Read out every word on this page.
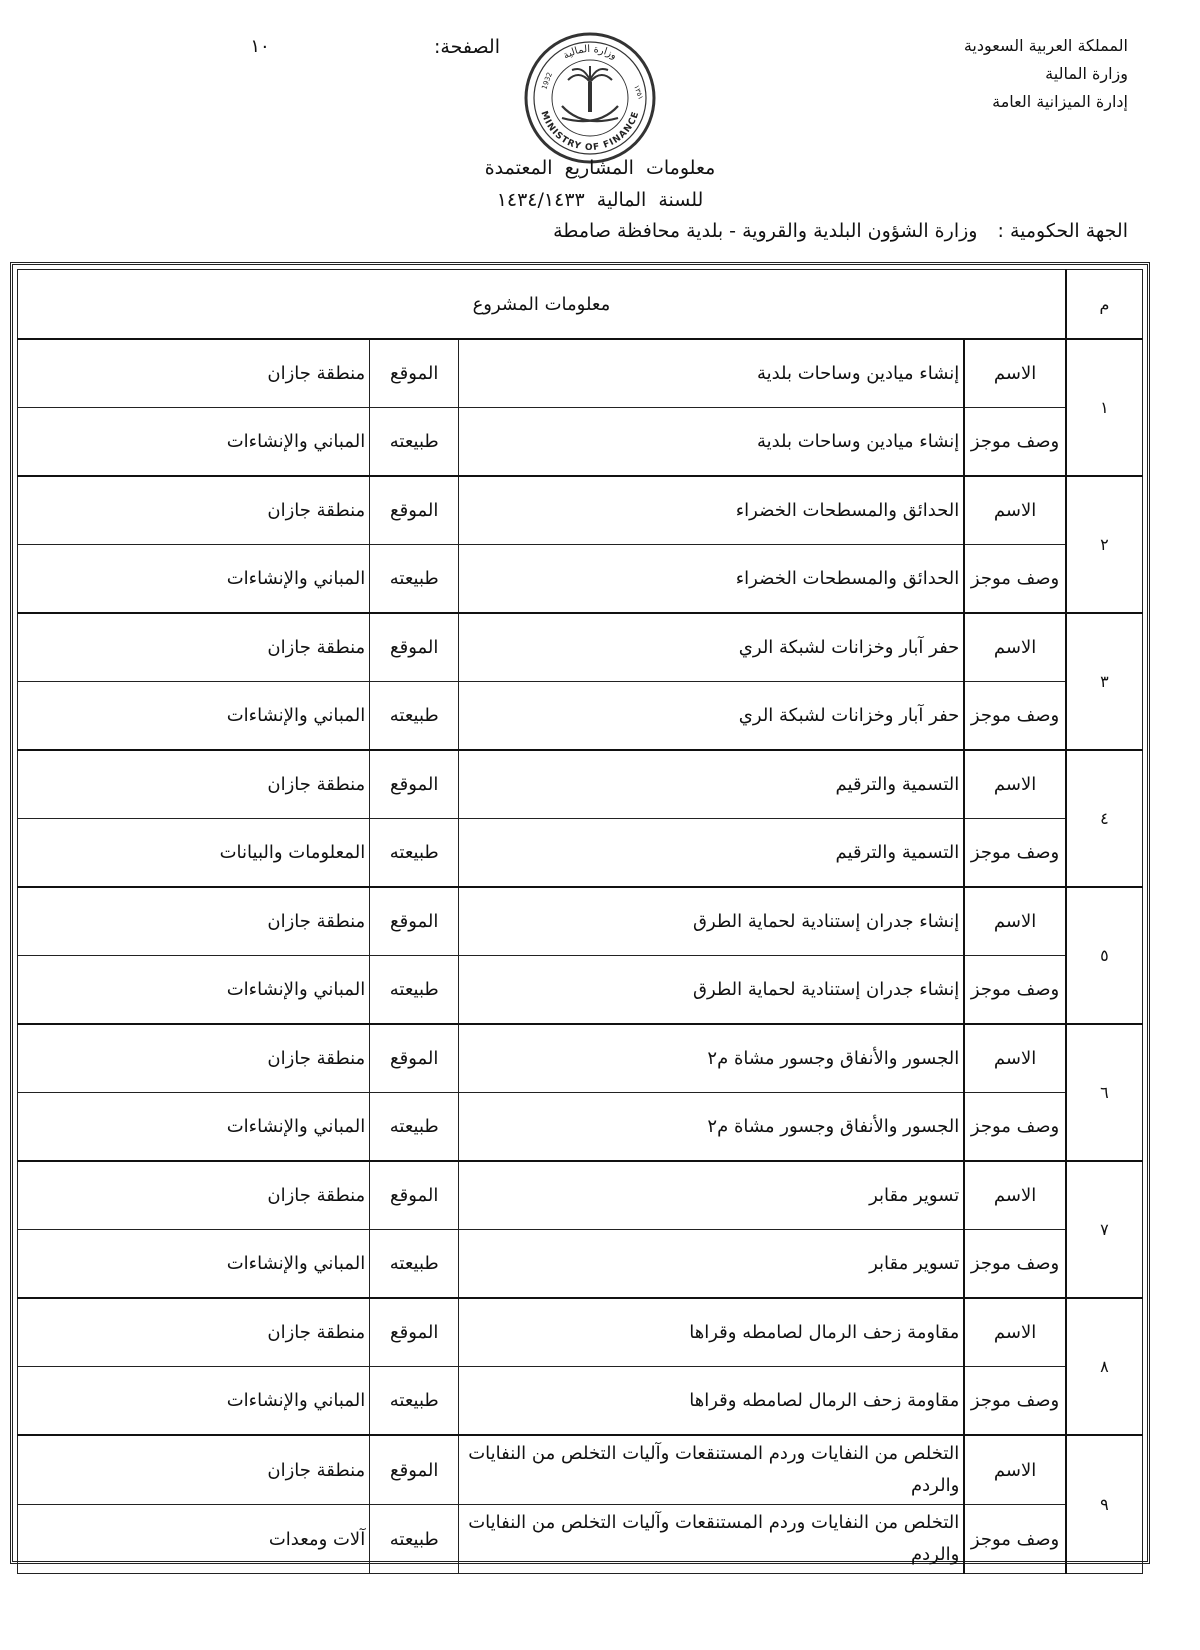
المملكة العربية السعودية
وزارة المالية
إدارة الميزانية العامة
الصفحة:
١٠	وزارة المالية
MINISTRY OF FINANCE
1932
١٣٥١
معلومات المشاريع المعتمدة
للسنة المالية ١٤٣٤/١٤٣٣
الجهة الحكومية : وزارة الشؤون البلدية والقروية - بلدية محافظة صامطة
معلومات المشروع				م
منطقة جازان	الموقع	إنشاء ميادين وساحات بلدية	الاسم	١
المباني والإنشاءات	طبيعته	إنشاء ميادين وساحات بلدية	وصف موجز	
منطقة جازان	الموقع	الحدائق والمسطحات الخضراء	الاسم	٢
المباني والإنشاءات	طبيعته	الحدائق والمسطحات الخضراء	وصف موجز	
منطقة جازان	الموقع	حفر آبار وخزانات لشبكة الري	الاسم	٣
المباني والإنشاءات	طبيعته	حفر آبار وخزانات لشبكة الري	وصف موجز	
منطقة جازان	الموقع	التسمية والترقيم	الاسم	٤
المعلومات والبيانات	طبيعته	التسمية والترقيم	وصف موجز	
منطقة جازان	الموقع	إنشاء جدران إستنادية لحماية الطرق	الاسم	٥
المباني والإنشاءات	طبيعته	إنشاء جدران إستنادية لحماية الطرق	وصف موجز	
منطقة جازان	الموقع	الجسور والأنفاق وجسور مشاة م٢	الاسم	٦
المباني والإنشاءات	طبيعته	الجسور والأنفاق وجسور مشاة م٢	وصف موجز	
منطقة جازان	الموقع	تسوير مقابر	الاسم	٧
المباني والإنشاءات	طبيعته	تسوير مقابر	وصف موجز	
منطقة جازان	الموقع	مقاومة زحف الرمال لصامطه وقراها	الاسم	٨
المباني والإنشاءات	طبيعته	مقاومة زحف الرمال لصامطه وقراها	وصف موجز	
منطقة جازان	الموقع	التخلص من النفايات وردم المستنقعات وآليات التخلص من النفايات والردم	الاسم	٩
آلات ومعدات	طبيعته	التخلص من النفايات وردم المستنقعات وآليات التخلص من النفايات والردم	وصف موجز	
